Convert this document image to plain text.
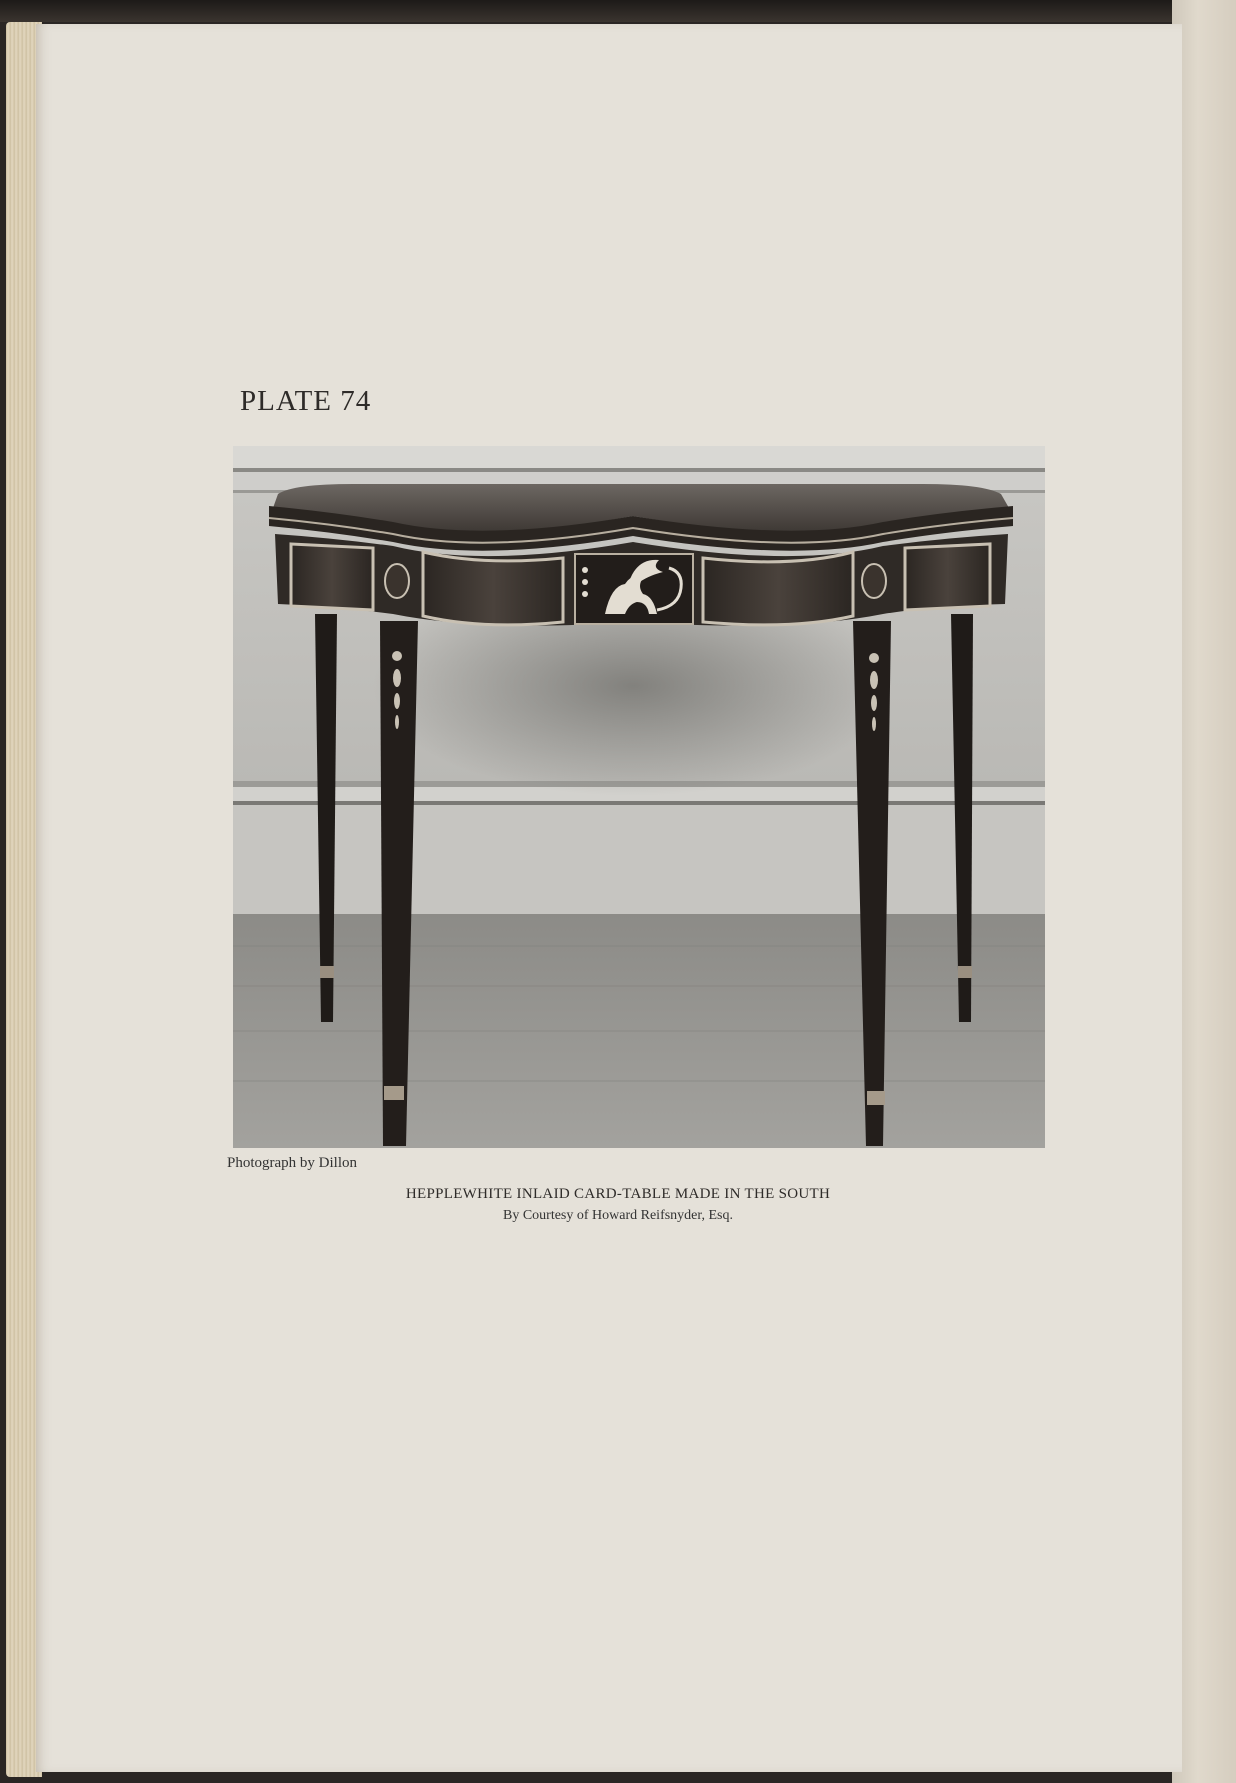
PLATE 74

Photograph by Dillon

HEPPLEWHITE INLAID CARD-TABLE MADE IN THE SOUTH

By Courtesy of Howard Reifsnyder, Esq.
